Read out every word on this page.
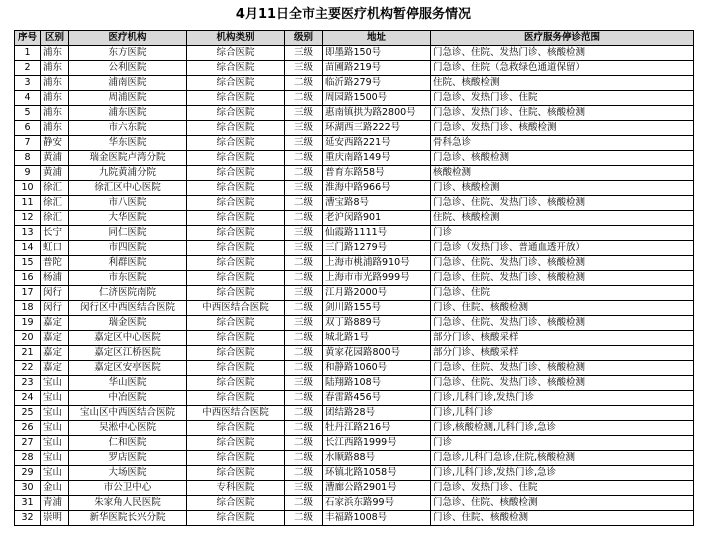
4月11日全市主要医疗机构暂停服务情况
序号	区别	医疗机构	机构类别	级别	地址	医疗服务停诊范围
1	浦东	东方医院	综合医院	三级	即墨路150号	门急诊、住院、发热门诊、核酸检测
2	浦东	公利医院	综合医院	三级	苗圃路219号	门急诊、住院（急救绿色通道保留）
3	浦东	浦南医院	综合医院	二级	临沂路279号	住院、核酸检测
4	浦东	周浦医院	综合医院	二级	周园路1500号	门急诊、发热门诊、住院
5	浦东	浦东医院	综合医院	三级	惠南镇拱为路2800号	门急诊、发热门诊、住院、核酸检测
6	浦东	市六东院	综合医院	三级	环湖西三路222号	门急诊、发热门诊、核酸检测
7	静安	华东医院	综合医院	三级	延安西路221号	骨科急诊
8	黄浦	瑞金医院卢湾分院	综合医院	二级	重庆南路149号	门急诊、核酸检测
9	黄浦	九院黄浦分院	综合医院	二级	普育东路58号	核酸检测
10	徐汇	徐汇区中心医院	综合医院	三级	淮海中路966号	门诊、核酸检测
11	徐汇	市八医院	综合医院	二级	漕宝路8号	门急诊、住院、发热门诊、核酸检测
12	徐汇	大华医院	综合医院	二级	老沪闵路901	住院、核酸检测
13	长宁	同仁医院	综合医院	三级	仙霞路1111号	门诊
14	虹口	市四医院	综合医院	三级	三门路1279号	门急诊（发热门诊、普通血透开放）
15	普陀	利群医院	综合医院	二级	上海市桃浦路910号	门急诊、住院、发热门诊、核酸检测
16	杨浦	市东医院	综合医院	二级	上海市市光路999号	门急诊、住院、发热门诊、核酸检测
17	闵行	仁济医院南院	综合医院	三级	江月路2000号	门急诊、住院
18	闵行	闵行区中西医结合医院	中西医结合医院	二级	剑川路155号	门诊、住院、核酸检测
19	嘉定	瑞金医院	综合医院	三级	双丁路889号	门急诊、住院、发热门诊、核酸检测
20	嘉定	嘉定区中心医院	综合医院	二级	城北路1号	部分门诊、核酸采样
21	嘉定	嘉定区江桥医院	综合医院	二级	黄家花园路800号	部分门诊、核酸采样
22	嘉定	嘉定区安亭医院	综合医院	二级	和静路1060号	门急诊、住院、发热门诊、核酸检测
23	宝山	华山医院	综合医院	三级	陆翔路108号	门急诊、住院、发热门诊、核酸检测
24	宝山	中冶医院	综合医院	二级	春雷路456号	门诊,儿科门诊,发热门诊
25	宝山	宝山区中西医结合医院	中西医结合医院	二级	团结路28号	门诊,儿科门诊
26	宝山	吴淞中心医院	综合医院	二级	牡丹江路216号	门诊,核酸检测,儿科门诊,急诊
27	宝山	仁和医院	综合医院	二级	长江西路1999号	门诊
28	宝山	罗店医院	综合医院	二级	水顺路88号	门急诊,儿科门急诊,住院,核酸检测
29	宝山	大场医院	综合医院	二级	环镇北路1058号	门诊,儿科门诊,发热门诊,急诊
30	金山	市公卫中心	专科医院	三级	漕廊公路2901号	门急诊、发热门诊、住院
31	青浦	朱家角人民医院	综合医院	二级	石家浜东路99号	门急诊、住院、核酸检测
32	崇明	新华医院长兴分院	综合医院	二级	丰福路1008号	门诊、住院、核酸检测
